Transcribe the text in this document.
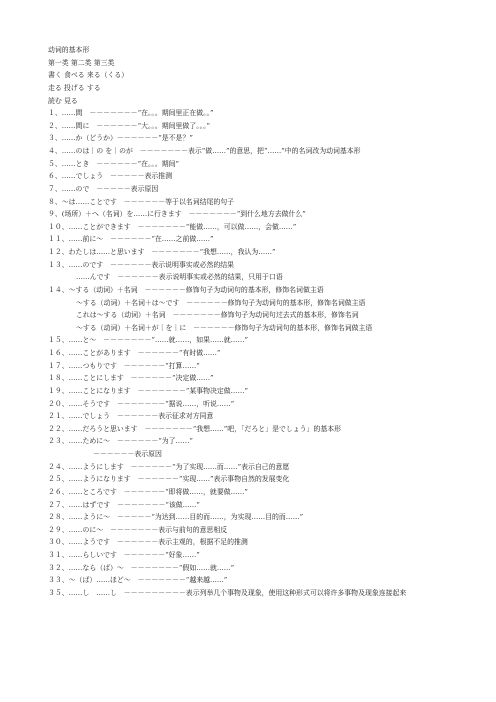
动词的基本形

第一类 第二类 第三类

書く 食べる 来る（くる）

走る 投げる する

読む 見る

１、……間　－－－－－－－“在。。。期间里正在做。。”

２、……間に　－－－－－－“大。。。期间里做了。。。”

３、……か（どうか）－－－－－－“是不是？”

４、……のは｜の を｜のが　－－－－－－－表示“做……”的意思，把“……”中的名词改为动词基本形

５、……とき　－－－－－－“在。。。期间”

６、……でしょう　－－－－－表示推测

７、……ので　－－－－－表示原因

８、～は……ことです　－－－－－－等于以名词结尾的句子

９、(场所）＋へ（名词）を……に行きます　－－－－－－－“到什么地方去做什么”

１０、……ことができます　－－－－－－－“能做……，可以做……，会做……”

１１、……前に～　－－－－－－“在……之前做……”

１２、わたしは……と思います　－－－－－－－“我想……，我认为……”

１３、……のです　－－－－－－表示说明事实或必然的结果

……んです　－－－－－－表示说明事实或必然的结果，只用于口语

１４、～する（动词）＋名词　－－－－－－修饰句子为动词句的基本形，修饰名词做主语

～する（动词）＋名词＋は～です　－－－－－－修饰句子为动词句的基本形，修饰名词做主语

これは～する（动词）＋名词　－－－－－－－修饰句子为动词句过去式的基本形，修饰名词

～する（动词）＋名词＋が｜を｜に　－－－－－－修饰句子为动词句的基本形，修饰名词做主语

１５、……と～　－－－－－－－“……就……，如果……就……”

１６、……ことがあります　－－－－－－“有时做……”

１７、……つもりです　－－－－－－“打算……”

１８、……ことにします　－－－－－－“决定做……”

１９、……ことになります　－－－－－－－“某事物决定做……”

２０、……そうです　－－－－－－－“据说……，听说……”

２１、……でしょう　－－－－－－表示征求对方同意

２２、……だろうと思います　－－－－－－－“我想……”吧，「だろと」是でしょう」的基本形

２３、……ために～　－－－－－－“为了……”

－－－－－－表示原因

２４、……ようにします　－－－－－－“为了实现……而……”表示自己的意愿

２５、……ようになります　－－－－－－“实现……”表示事物自然的发展变化

２６、……ところです　－－－－－－“即将做……，就要做……”

２７、……はずです　－－－－－－－“该做……”

２８、……ように～　－－－－－“为达到……目的而……，为实现……目的而……”

２９、……のに～　－－－－－－－表示与前句的意思相反

３０、……ようです　－－－－－－表示主观的，根据不足的推测

３１、……らしいです　－－－－－－“好象……”

３２、……なら（ば）～　－－－－－－－“假如……就……”

３３、～（ば）……ほど～　－－－－－－－“越来越……”

３５、……し　……し　－－－－－－－－－表示列举几个事物及现象，使用这种形式可以将许多事物及现象连接起来
